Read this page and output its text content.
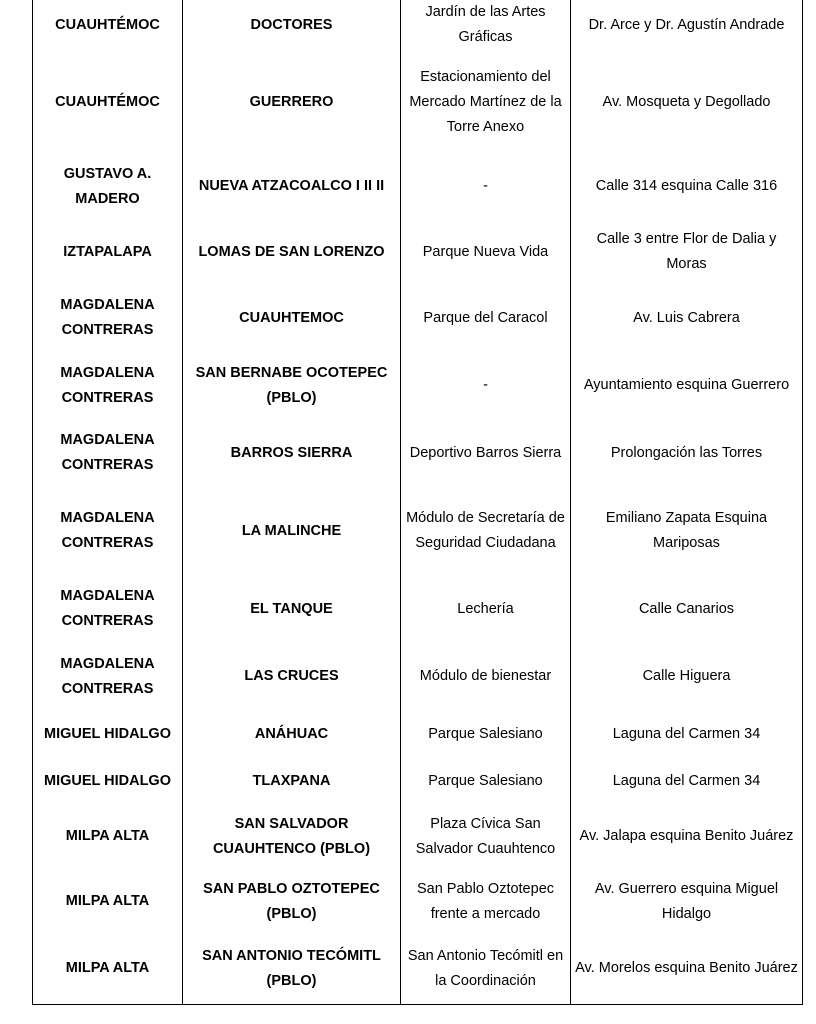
CUAUHTÉMOC	DOCTORES	Jardín de las Artes Gráficas	Dr. Arce y Dr. Agustín Andrade
CUAUHTÉMOC	GUERRERO	Estacionamiento del Mercado Martínez de la Torre Anexo	Av. Mosqueta y Degollado
GUSTAVO A. MADERO	NUEVA ATZACOALCO I II II	-	Calle 314 esquina Calle 316
IZTAPALAPA	LOMAS DE SAN LORENZO	Parque Nueva Vida	Calle 3 entre Flor de Dalia y Moras
MAGDALENA CONTRERAS	CUAUHTEMOC	Parque del Caracol	Av. Luis Cabrera
MAGDALENA CONTRERAS	SAN BERNABE OCOTEPEC (PBLO)	-	Ayuntamiento esquina Guerrero
MAGDALENA CONTRERAS	BARROS SIERRA	Deportivo Barros Sierra	Prolongación las Torres
MAGDALENA CONTRERAS	LA MALINCHE	Módulo de Secretaría de Seguridad Ciudadana	Emiliano Zapata Esquina Mariposas
MAGDALENA CONTRERAS	EL TANQUE	Lechería	Calle Canarios
MAGDALENA CONTRERAS	LAS CRUCES	Módulo de bienestar	Calle Higuera
MIGUEL HIDALGO	ANÁHUAC	Parque Salesiano	Laguna del Carmen 34
MIGUEL HIDALGO	TLAXPANA	Parque Salesiano	Laguna del Carmen 34
MILPA ALTA	SAN SALVADOR CUAUHTENCO (PBLO)	Plaza Cívica San Salvador Cuauhtenco	Av. Jalapa esquina Benito Juárez
MILPA ALTA	SAN PABLO OZTOTEPEC (PBLO)	San Pablo Oztotepec frente a mercado	Av. Guerrero esquina Miguel Hidalgo
MILPA ALTA	SAN ANTONIO TECÓMITL (PBLO)	San Antonio Tecómitl en la Coordinación	Av. Morelos esquina Benito Juárez
